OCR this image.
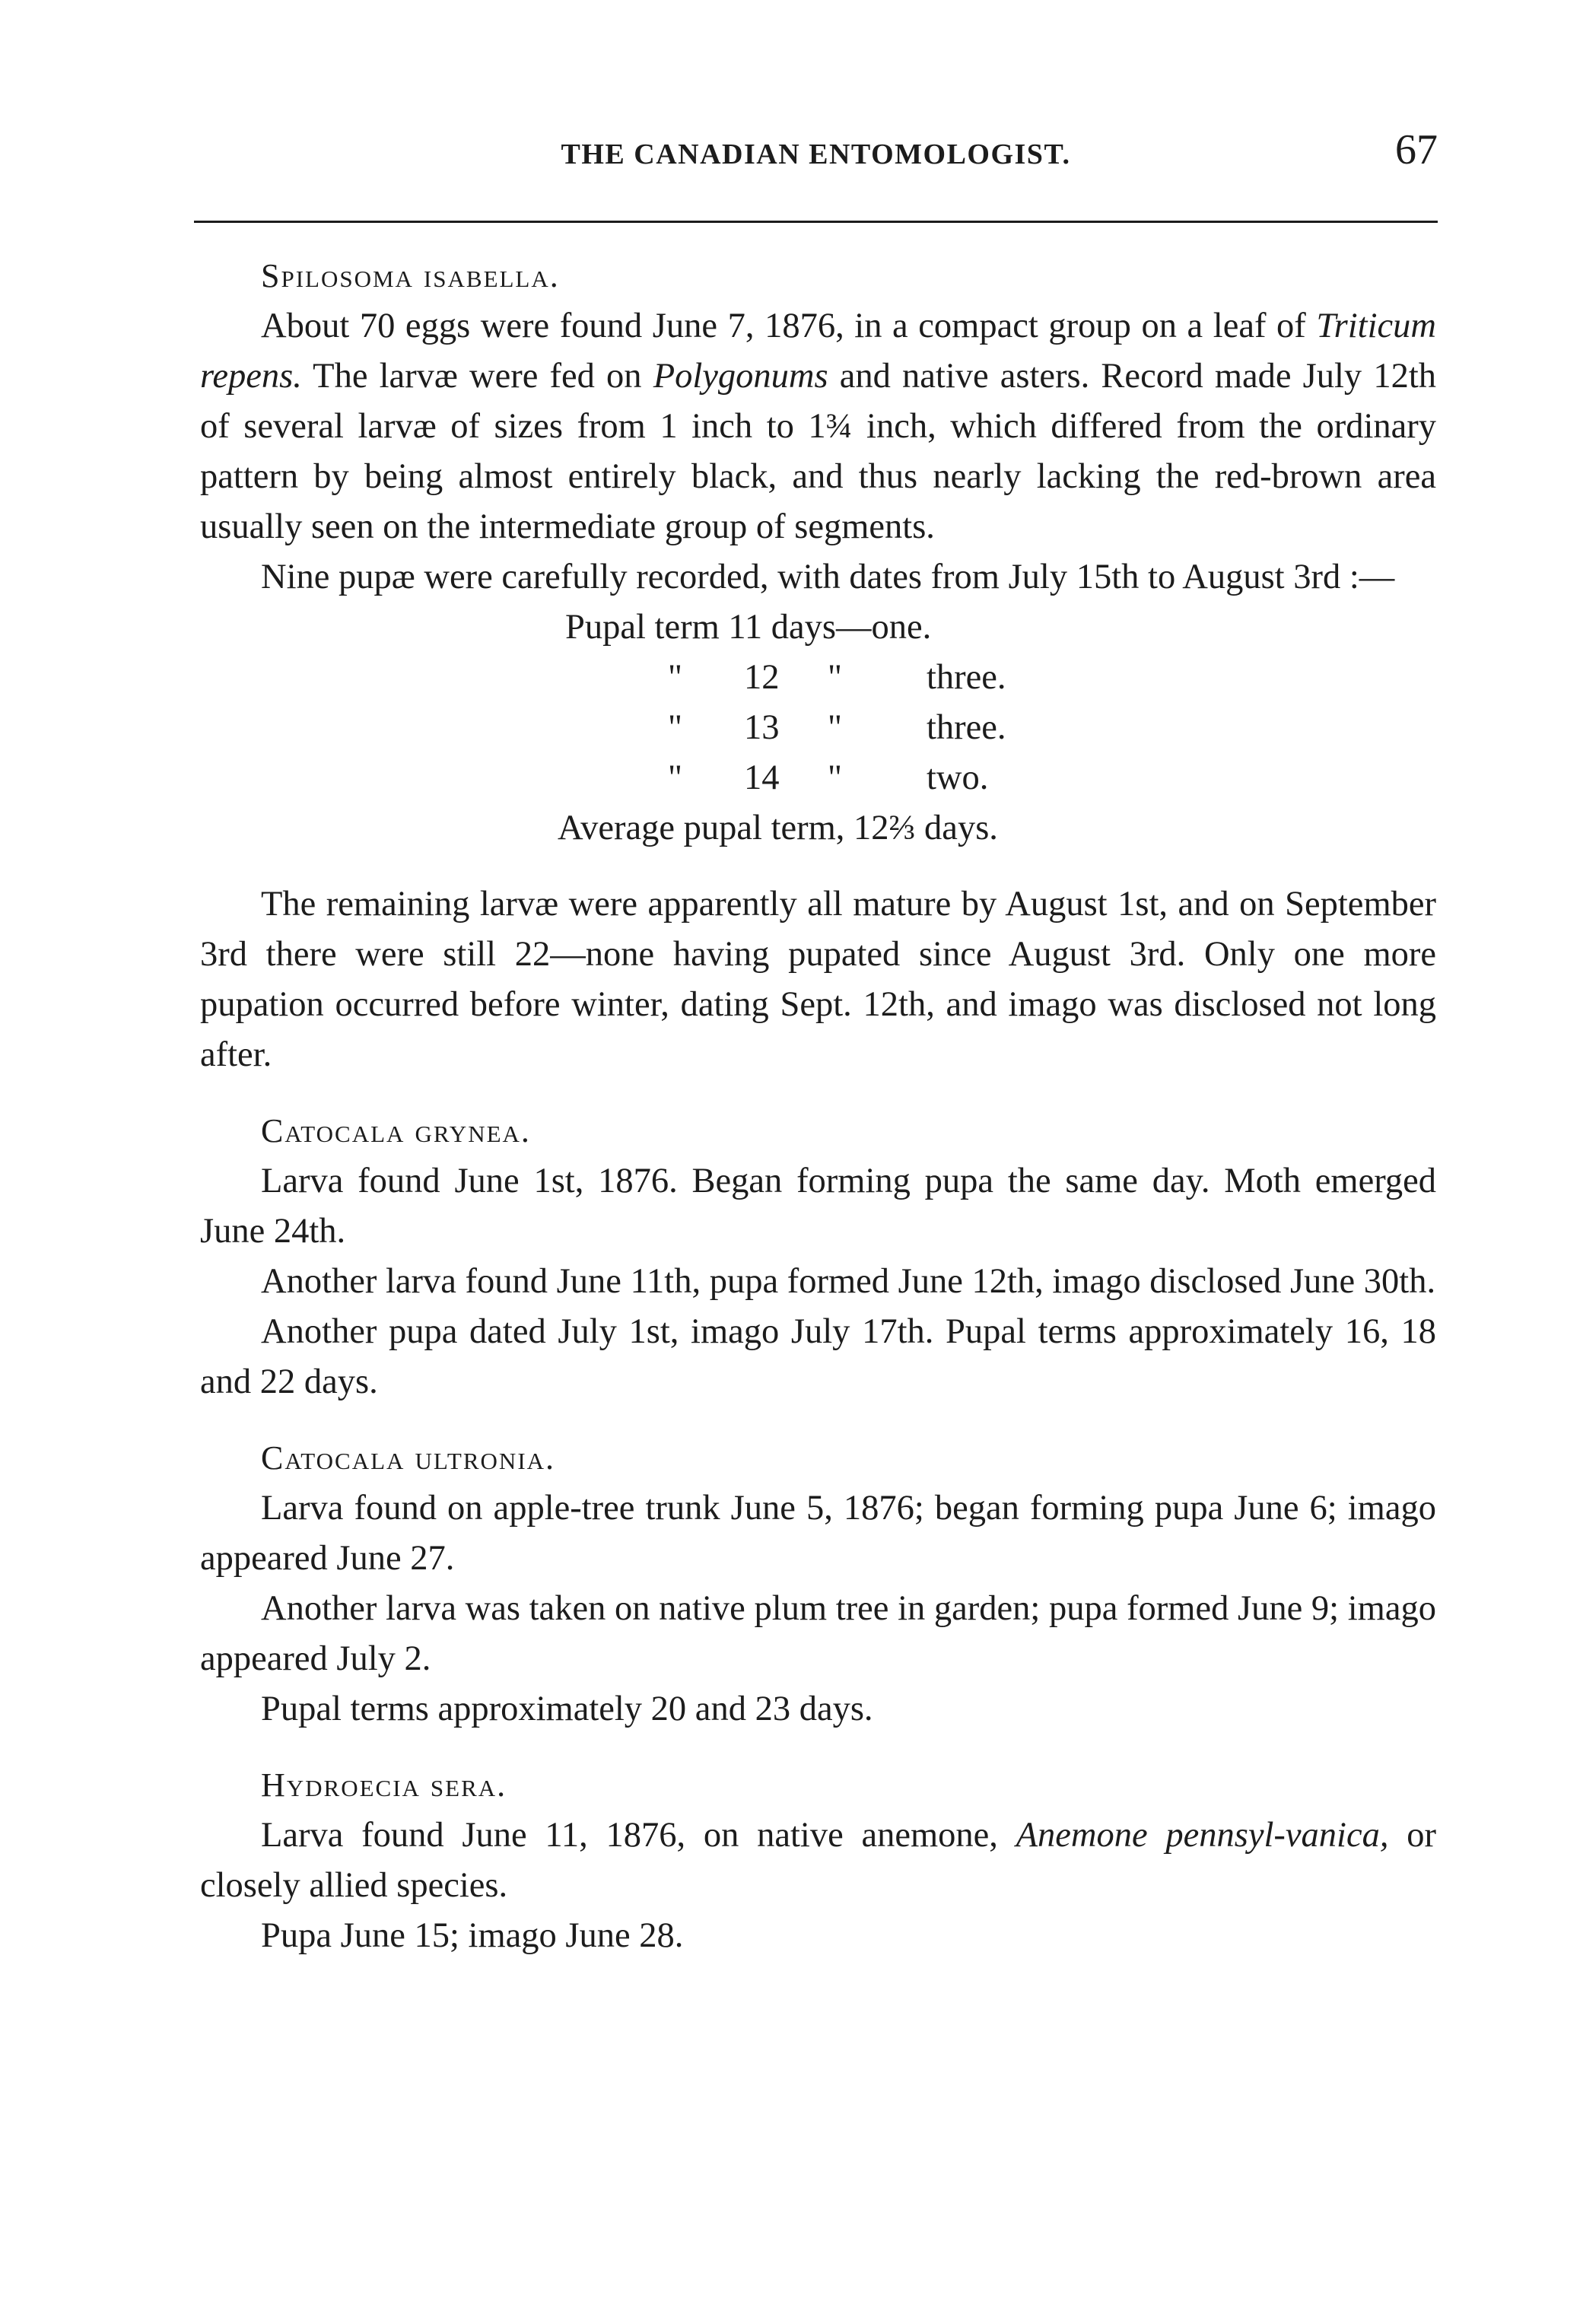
THE CANADIAN ENTOMOLOGIST.	67
Spilosoma isabella.

About 70 eggs were found June 7, 1876, in a compact group on a leaf of Triticum repens. The larvæ were fed on Polygonums and native asters. Record made July 12th of several larvæ of sizes from 1 inch to 1¾ inch, which differed from the ordinary pattern by being almost entirely black, and thus nearly lacking the red-brown area usually seen on the intermediate group of segments.

Nine pupæ were carefully recorded, with dates from July 15th to August 3rd :—

Pupal term 11 days—one.
" 12 " three.
" 13 " three.
" 14 " two.
Average pupal term, 12⅔ days.

The remaining larvæ were apparently all mature by August 1st, and on September 3rd there were still 22—none having pupated since August 3rd. Only one more pupation occurred before winter, dating Sept. 12th, and imago was disclosed not long after.

Catocala grynea.

Larva found June 1st, 1876. Began forming pupa the same day. Moth emerged June 24th.

Another larva found June 11th, pupa formed June 12th, imago disclosed June 30th.

Another pupa dated July 1st, imago July 17th. Pupal terms approximately 16, 18 and 22 days.

Catocala ultronia.

Larva found on apple-tree trunk June 5, 1876; began forming pupa June 6; imago appeared June 27.

Another larva was taken on native plum tree in garden; pupa formed June 9; imago appeared July 2.

Pupal terms approximately 20 and 23 days.

Hydroecia sera.

Larva found June 11, 1876, on native anemone, Anemone pennsyl-vanica, or closely allied species.

Pupa June 15; imago June 28.
